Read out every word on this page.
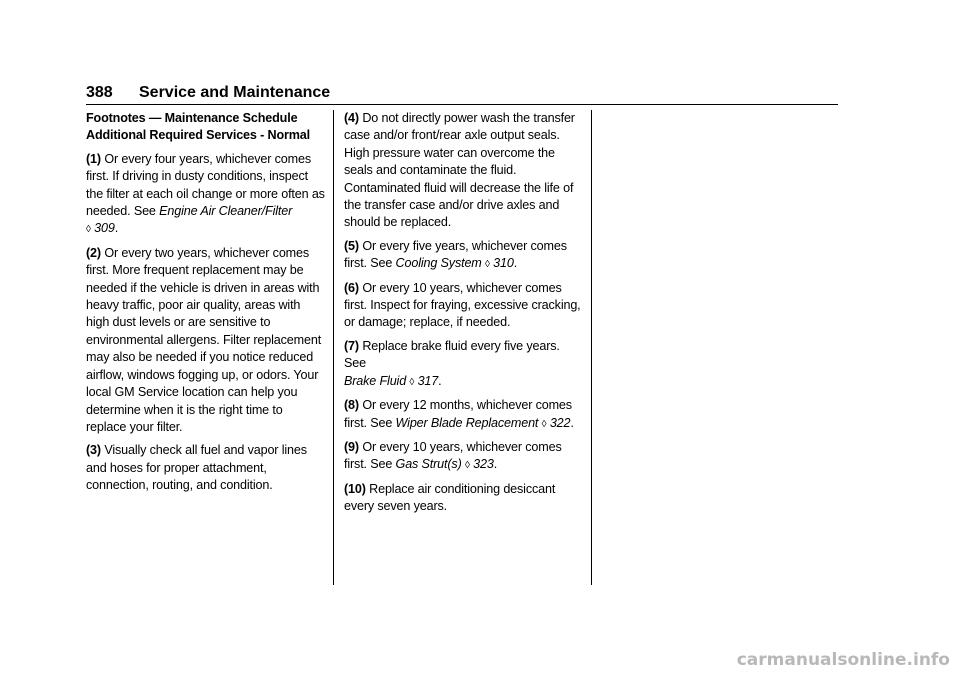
388 Service and Maintenance
Footnotes — Maintenance Schedule
Additional Required Services - Normal

(1) Or every four years, whichever comes first. If driving in dusty conditions, inspect the filter at each oil change or more often as needed. See Engine Air Cleaner/Filter
◊ 309.

(2) Or every two years, whichever comes first. More frequent replacement may be needed if the vehicle is driven in areas with heavy traffic, poor air quality, areas with high dust levels or are sensitive to environmental allergens. Filter replacement may also be needed if you notice reduced airflow, windows fogging up, or odors. Your local GM Service location can help you determine when it is the right time to replace your filter.

(3) Visually check all fuel and vapor lines and hoses for proper attachment, connection, routing, and condition.

(4) Do not directly power wash the transfer case and/or front/rear axle output seals. High pressure water can overcome the seals and contaminate the fluid. Contaminated fluid will decrease the life of the transfer case and/or drive axles and should be replaced.

(5) Or every five years, whichever comes first. See Cooling System ◊ 310.

(6) Or every 10 years, whichever comes first. Inspect for fraying, excessive cracking, or damage; replace, if needed.

(7) Replace brake fluid every five years. See
Brake Fluid ◊ 317.

(8) Or every 12 months, whichever comes first. See Wiper Blade Replacement ◊ 322.

(9) Or every 10 years, whichever comes first. See Gas Strut(s) ◊ 323.

(10) Replace air conditioning desiccant every seven years.

carmanualsonline.info
